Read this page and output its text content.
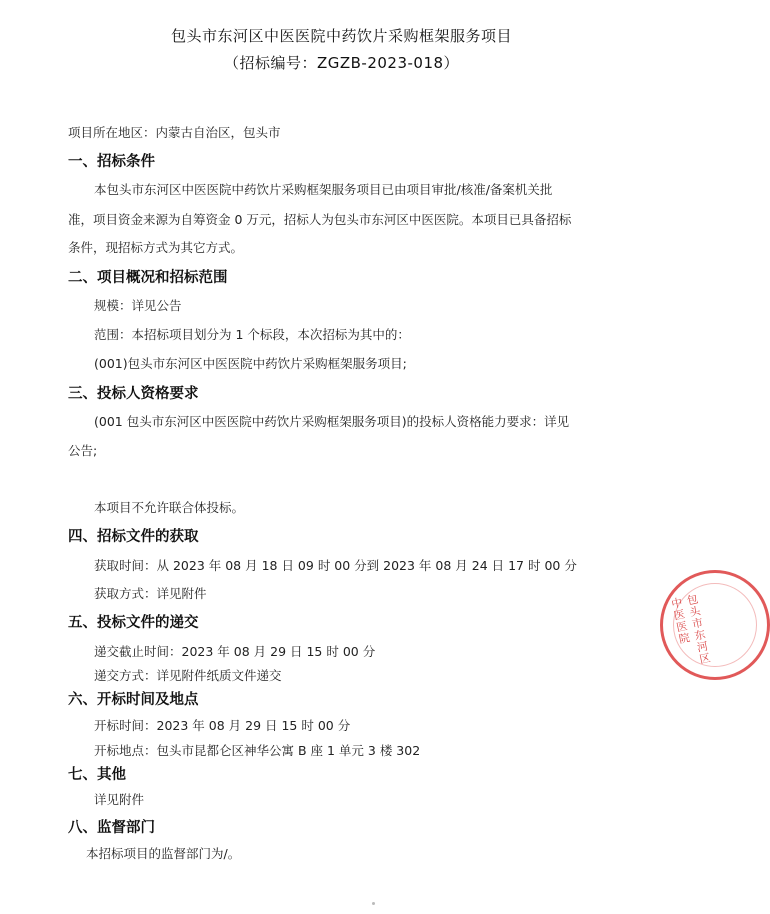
包头市东河区中医医院中药饮片采购框架服务项目
（招标编号：ZGZB-2023-018）
项目所在地区：内蒙古自治区，包头市
一、招标条件
本包头市东河区中医医院中药饮片采购框架服务项目已由项目审批/核准/备案机关批
准，项目资金来源为自筹资金 0 万元，招标人为包头市东河区中医医院。本项目已具备招标
条件，现招标方式为其它方式。
二、项目概况和招标范围
规模：详见公告
范围：本招标项目划分为 1 个标段，本次招标为其中的：
(001)包头市东河区中医医院中药饮片采购框架服务项目;
三、投标人资格要求
(001 包头市东河区中医医院中药饮片采购框架服务项目)的投标人资格能力要求：详见
公告;
本项目不允许联合体投标。
四、招标文件的获取
获取时间：从 2023 年 08 月 18 日 09 时 00 分到 2023 年 08 月 24 日 17 时 00 分
获取方式：详见附件
五、投标文件的递交
递交截止时间：2023 年 08 月 29 日 15 时 00 分
递交方式：详见附件纸质文件递交
六、开标时间及地点
开标时间：2023 年 08 月 29 日 15 时 00 分
开标地点：包头市昆都仑区神华公寓 B 座 1 单元 3 楼 302
七、其他
详见附件
八、监督部门
本招标项目的监督部门为/。
包头市东河区中医医院
